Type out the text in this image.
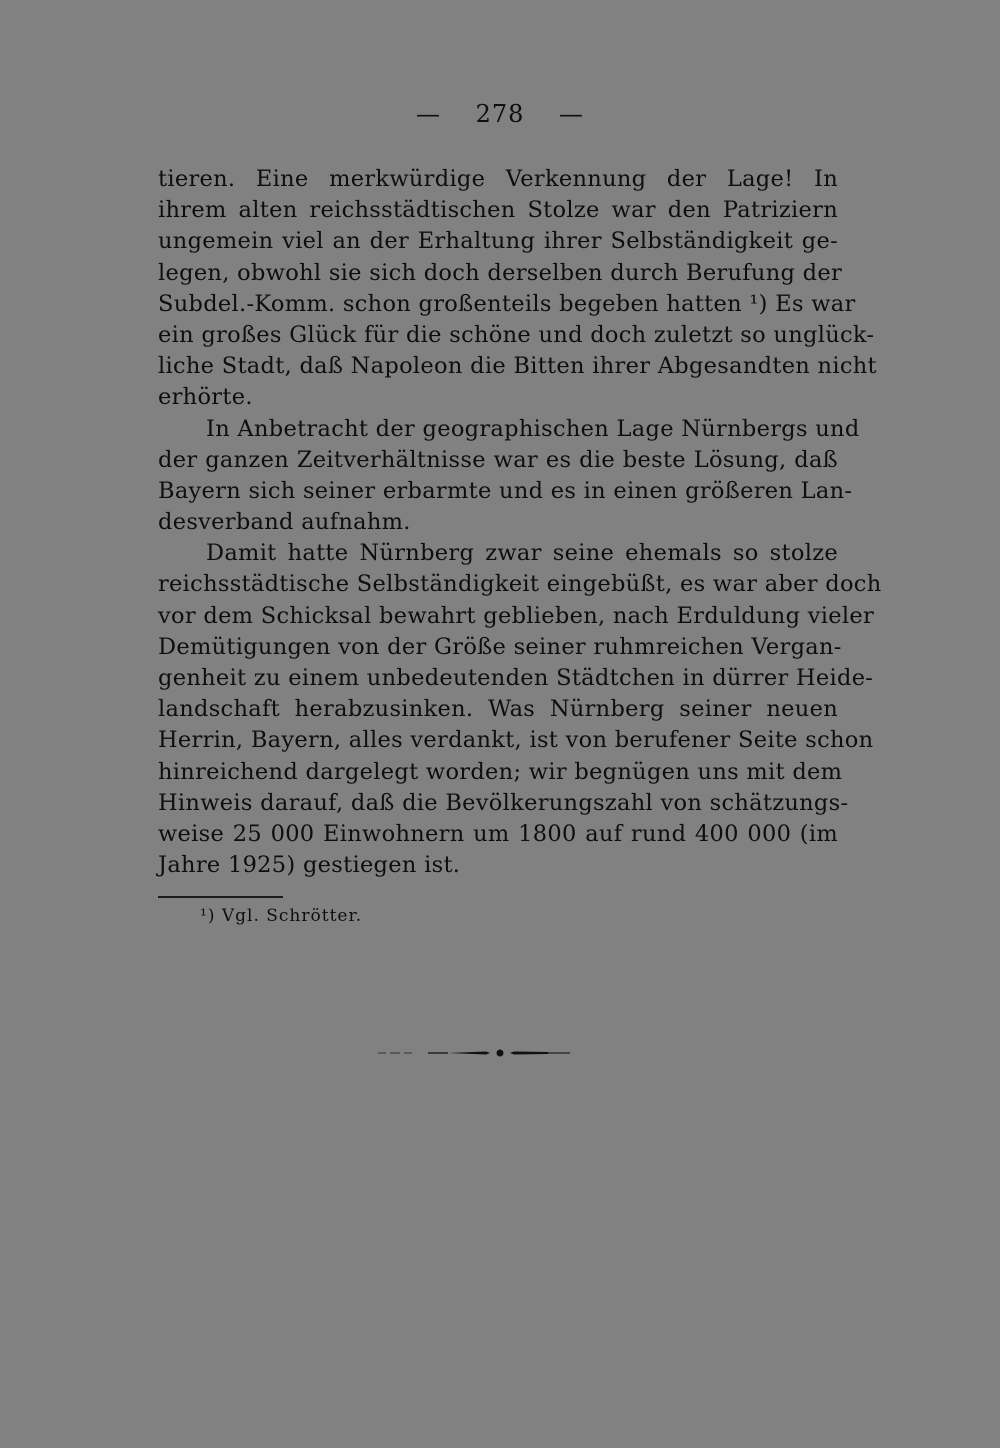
— 278 —
tieren. Eine merkwürdige Verkennung der Lage! In
ihrem alten reichsstädtischen Stolze war den Patriziern
ungemein viel an der Erhaltung ihrer Selbständigkeit ge-
legen, obwohl sie sich doch derselben durch Berufung der
Subdel.-Komm. schon großenteils begeben hatten ¹) Es war
ein großes Glück für die schöne und doch zuletzt so unglück-
liche Stadt, daß Napoleon die Bitten ihrer Abgesandten nicht
erhörte.
In Anbetracht der geographischen Lage Nürnbergs und
der ganzen Zeitverhältnisse war es die beste Lösung, daß
Bayern sich seiner erbarmte und es in einen größeren Lan-
desverband aufnahm.
Damit hatte Nürnberg zwar seine ehemals so stolze
reichsstädtische Selbständigkeit eingebüßt, es war aber doch
vor dem Schicksal bewahrt geblieben, nach Erduldung vieler
Demütigungen von der Größe seiner ruhmreichen Vergan-
genheit zu einem unbedeutenden Städtchen in dürrer Heide-
landschaft herabzusinken. Was Nürnberg seiner neuen
Herrin, Bayern, alles verdankt, ist von berufener Seite schon
hinreichend dargelegt worden; wir begnügen uns mit dem
Hinweis darauf, daß die Bevölkerungszahl von schätzungs-
weise 25 000 Einwohnern um 1800 auf rund 400 000 (im
Jahre 1925) gestiegen ist.
¹) Vgl. Schrötter.
